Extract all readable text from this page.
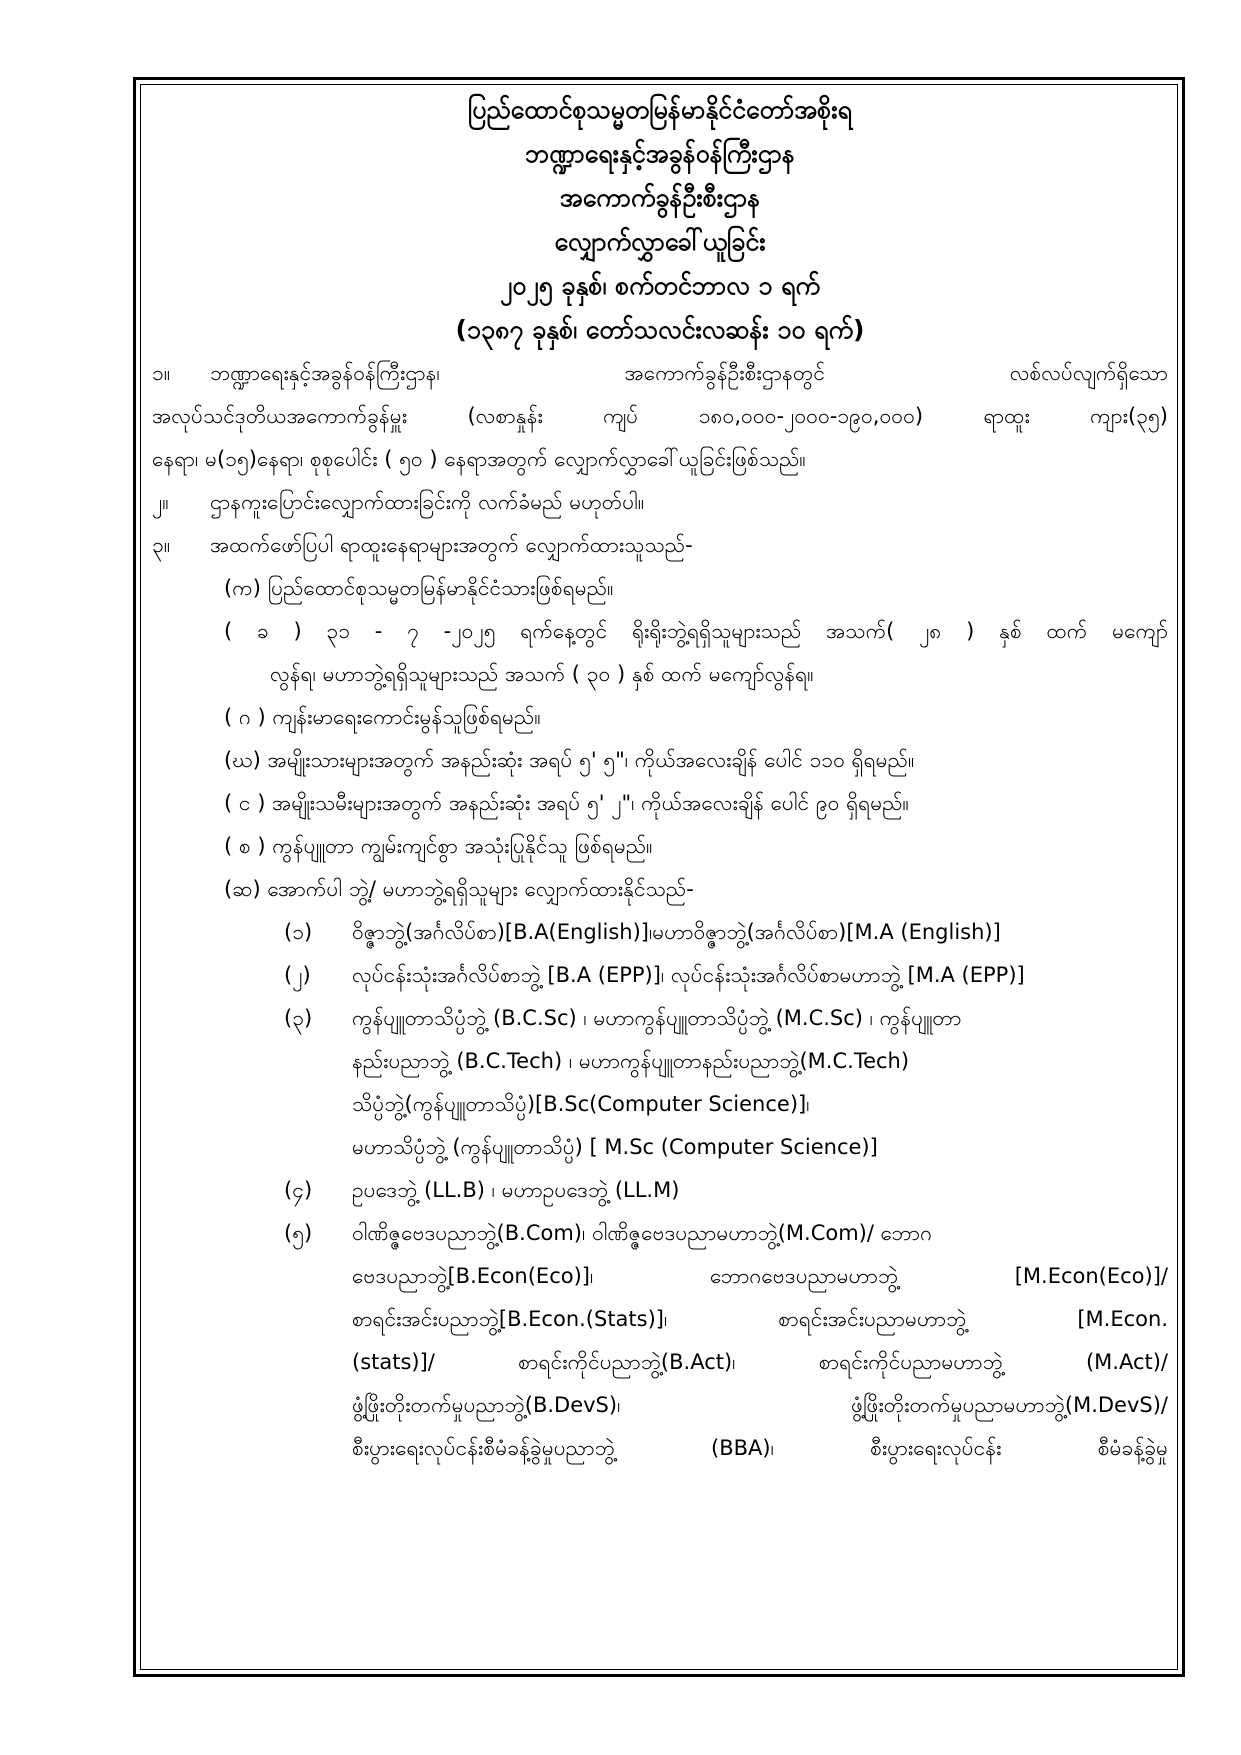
ပြည်ထောင်စုသမ္မတမြန်မာနိုင်ငံတော်အစိုးရ
ဘဏ္ဍာရေးနှင့်အခွန်ဝန်ကြီးဌာန
အကောက်ခွန်ဦးစီးဌာန
လျှောက်လွှာခေါ်ယူခြင်း
၂၀၂၅ ခုနှစ်၊ စက်တင်ဘာလ ၁ ရက်
(၁၃၈၇ ခုနှစ်၊ တော်သလင်းလဆန်း ၁၀ ရက်)
၁။ ဘဏ္ဍာရေးနှင့်အခွန်ဝန်ကြီးဌာန၊ အကောက်ခွန်ဦးစီးဌာနတွင် လစ်လပ်လျက်ရှိသော
အလုပ်သင်ဒုတိယအကောက်ခွန်မှူး (လစာနှုန်း ကျပ် ၁၈၀,၀၀၀-၂၀၀၀-၁၉၀,၀၀၀) ရာထူး ကျား(၃၅)
နေရာ၊ မ(၁၅)နေရာ၊ စုစုပေါင်း ( ၅၀ ) နေရာအတွက် လျှောက်လွှာခေါ်ယူခြင်းဖြစ်သည်။
၂။ ဌာနကူးပြောင်းလျှောက်ထားခြင်းကို လက်ခံမည် မဟုတ်ပါ။
၃။ အထက်ဖော်ပြပါ ရာထူးနေရာများအတွက် လျှောက်ထားသူသည်-
(က) ပြည်ထောင်စုသမ္မတမြန်မာနိုင်ငံသားဖြစ်ရမည်။
( ခ ) ၃၁ - ၇ -၂၀၂၅ ရက်နေ့တွင် ရိုးရိုးဘွဲ့ရရှိသူများသည် အသက်( ၂၈ ) နှစ် ထက် မကျော်
လွန်ရ၊ မဟာဘွဲ့ရရှိသူများသည် အသက် ( ၃၀ ) နှစ် ထက် မကျော်လွန်ရ။
( ဂ ) ကျန်းမာရေးကောင်းမွန်သူဖြစ်ရမည်။
(ဃ) အမျိုးသားများအတွက် အနည်းဆုံး အရပ် ၅' ၅"၊ ကိုယ်အလေးချိန် ပေါင် ၁၁၀ ရှိရမည်။
( င ) အမျိုးသမီးများအတွက် အနည်းဆုံး အရပ် ၅' ၂"၊ ကိုယ်အလေးချိန် ပေါင် ၉၀ ရှိရမည်။
( စ ) ကွန်ပျူတာ ကျွမ်းကျင်စွာ အသုံးပြုနိုင်သူ ဖြစ်ရမည်။
(ဆ) အောက်ပါ ဘွဲ့/ မဟာဘွဲ့ရရှိသူများ လျှောက်ထားနိုင်သည်-
(၁) ဝိဇ္ဇာဘွဲ့(အင်္ဂလိပ်စာ)[B.A(English)]၊မဟာဝိဇ္ဇာဘွဲ့(အင်္ဂလိပ်စာ)[M.A (English)]
(၂) လုပ်ငန်းသုံးအင်္ဂလိပ်စာဘွဲ့ [B.A (EPP)]၊ လုပ်ငန်းသုံးအင်္ဂလိပ်စာမဟာဘွဲ့ [M.A (EPP)]
(၃) ကွန်ပျူတာသိပ္ပံဘွဲ့ (B.C.Sc) ၊ မဟာကွန်ပျူတာသိပ္ပံဘွဲ့ (M.C.Sc) ၊ ကွန်ပျူတာ
နည်းပညာဘွဲ့ (B.C.Tech) ၊ မဟာကွန်ပျူတာနည်းပညာဘွဲ့(M.C.Tech)
သိပ္ပံဘွဲ့(ကွန်ပျူတာသိပ္ပံ)[B.Sc(Computer Science)]၊
မဟာသိပ္ပံဘွဲ့ (ကွန်ပျူတာသိပ္ပံ) [ M.Sc (Computer Science)]
(၄) ဥပဒေဘွဲ့ (LL.B) ၊ မဟာဥပဒေဘွဲ့ (LL.M)
(၅) ဝါဏိဇ္ဇဗေဒပညာဘွဲ့(B.Com)၊ ဝါဏိဇ္ဇဗေဒပညာမဟာဘွဲ့(M.Com)/ ဘောဂ
ဗေဒပညာဘွဲ့[B.Econ(Eco)]၊ ဘောဂဗေဒပညာမဟာဘွဲ့ [M.Econ(Eco)]/
စာရင်းအင်းပညာဘွဲ့[B.Econ.(Stats)]၊ စာရင်းအင်းပညာမဟာဘွဲ့ [M.Econ.
(stats)]/ စာရင်းကိုင်ပညာဘွဲ့(B.Act)၊ စာရင်းကိုင်ပညာမဟာဘွဲ့ (M.Act)/
ဖွံ့ဖြိုးတိုးတက်မှုပညာဘွဲ့(B.DevS)၊ ဖွံ့ဖြိုးတိုးတက်မှုပညာမဟာဘွဲ့(M.DevS)/
စီးပွားရေးလုပ်ငန်းစီမံခန့်ခွဲမှုပညာဘွဲ့ (BBA)၊ စီးပွားရေးလုပ်ငန်း စီမံခန့်ခွဲမှု
